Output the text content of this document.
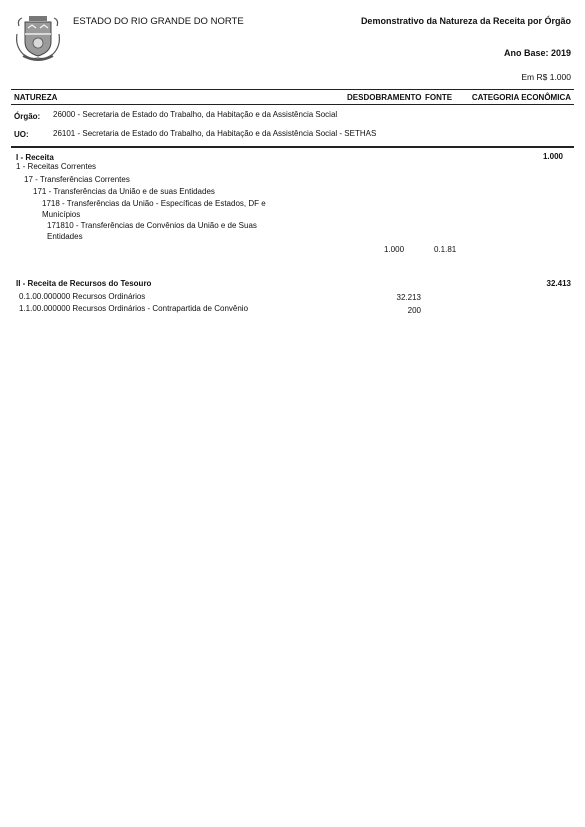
ESTADO DO RIO GRANDE DO NORTE	Demonstrativo da Natureza da Receita por Órgão
Ano Base: 2019
Em R$ 1.000
NATUREZA	DESDOBRAMENTO FONTE CATEGORIA ECONÔMICA
Órgão: 26000 - Secretaria de Estado do Trabalho, da Habitação e da Assistência Social
UO:	26101 - Secretaria de Estado do Trabalho, da Habitação e da Assistência Social - SETHAS
I - Receita	1.000
1 - Receitas Correntes
17 - Transferências Correntes
171 - Transferências da União e de suas Entidades
1718 - Transferências da União - Específicas de Estados, DF e
Municípios
171810 - Transferências de Convênios da União e de Suas
Entidades
1.000	0.1.81
II - Receita de Recursos do Tesouro	32.413
0.1.00.000000 Recursos Ordinários	32.213
1.1.00.000000 Recursos Ordinários - Contrapartida de Convênio	200
